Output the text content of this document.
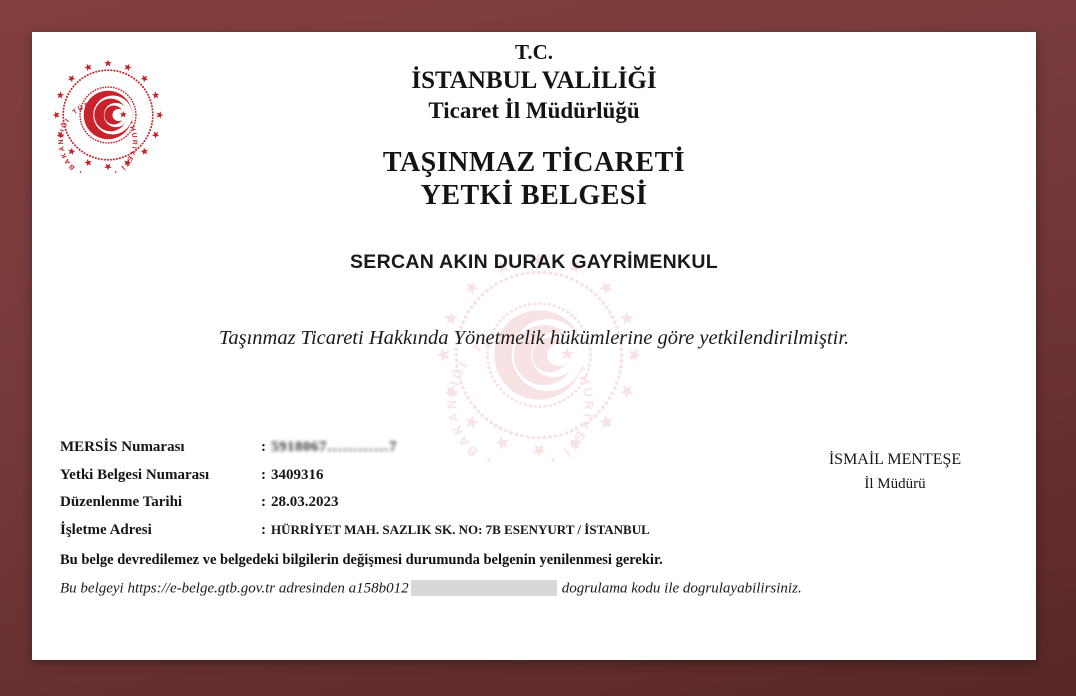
T.C.
İSTANBUL VALİLİĞİ
Ticaret İl Müdürlüğü
TAŞINMAZ TİCARETİ
YETKİ BELGESİ
SERCAN AKIN DURAK GAYRİMENKUL
Taşınmaz Ticareti Hakkında Yönetmelik hükümlerine göre yetkilendirilmiştir.
MERSİS Numarası	: 5918067…………7
Yetki Belgesi Numarası	: 3409316
Düzenlenme Tarihi	: 28.03.2023
İşletme Adresi	: HÜRRİYET MAH. SAZLIK SK. NO: 7B ESENYURT / İSTANBUL
İSMAİL MENTEŞE
İl Müdürü
Bu belge devredilemez ve belgedeki bilgilerin değişmesi durumunda belgenin yenilenmesi gerekir.
Bu belgeyi https://e-belge.gtb.gov.tr adresinden a158b012	dogrulama kodu ile dogrulayabilirsiniz.
